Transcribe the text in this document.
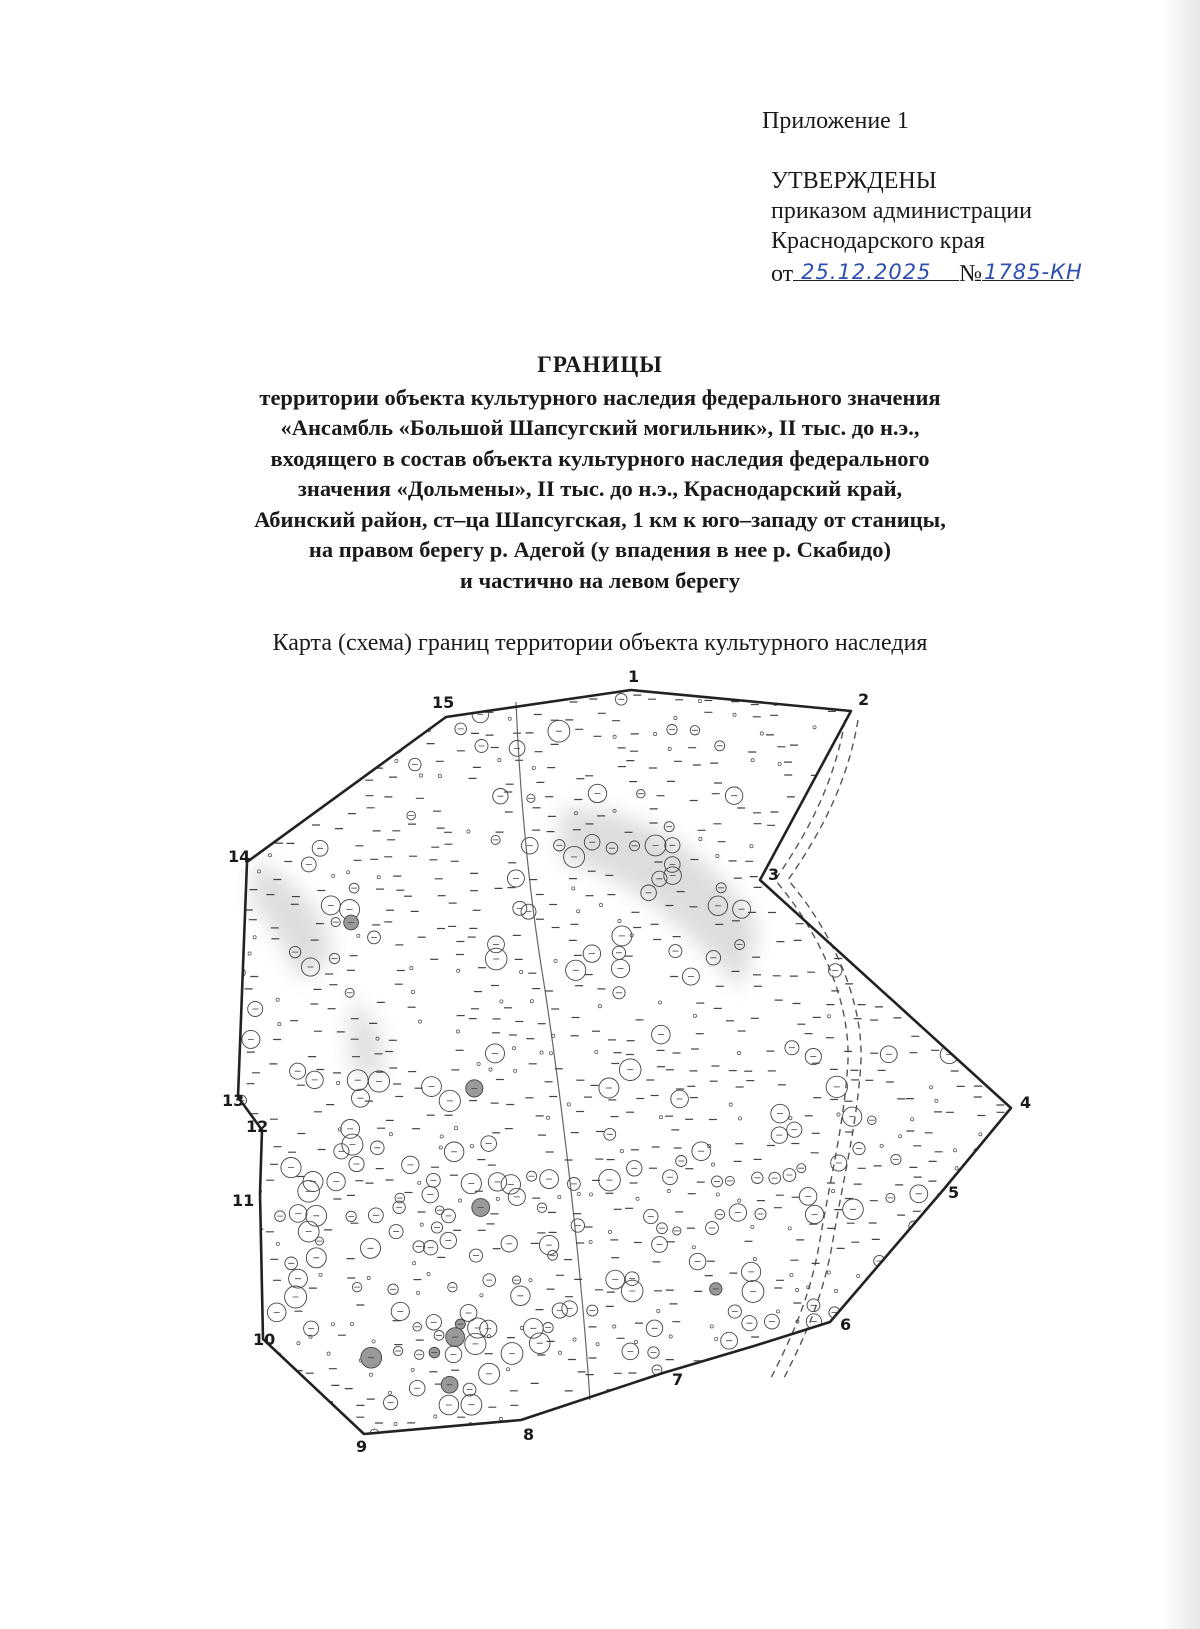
Приложение 1
УТВЕРЖДЕНЫ
приказом администрации
Краснодарского края
от 25.12.2025 № 1785-КН
ГРАНИЦЫ
территории объекта культурного наследия федерального значения
«Ансамбль «Большой Шапсугский могильник», II тыс. до н.э.,
входящего в состав объекта культурного наследия федерального
значения «Дольмены», II тыс. до н.э., Краснодарский край,
Абинский район, ст–ца Шапсугская, 1 км к юго–западу от станицы,
на правом берегу р. Адегой (у впадения в нее р. Скабидо)
и частично на левом берегу
Карта (схема) границ территории объекта культурного наследия
1
2
3
4
5
6
7
8
9
10
11
12
13
14
15
